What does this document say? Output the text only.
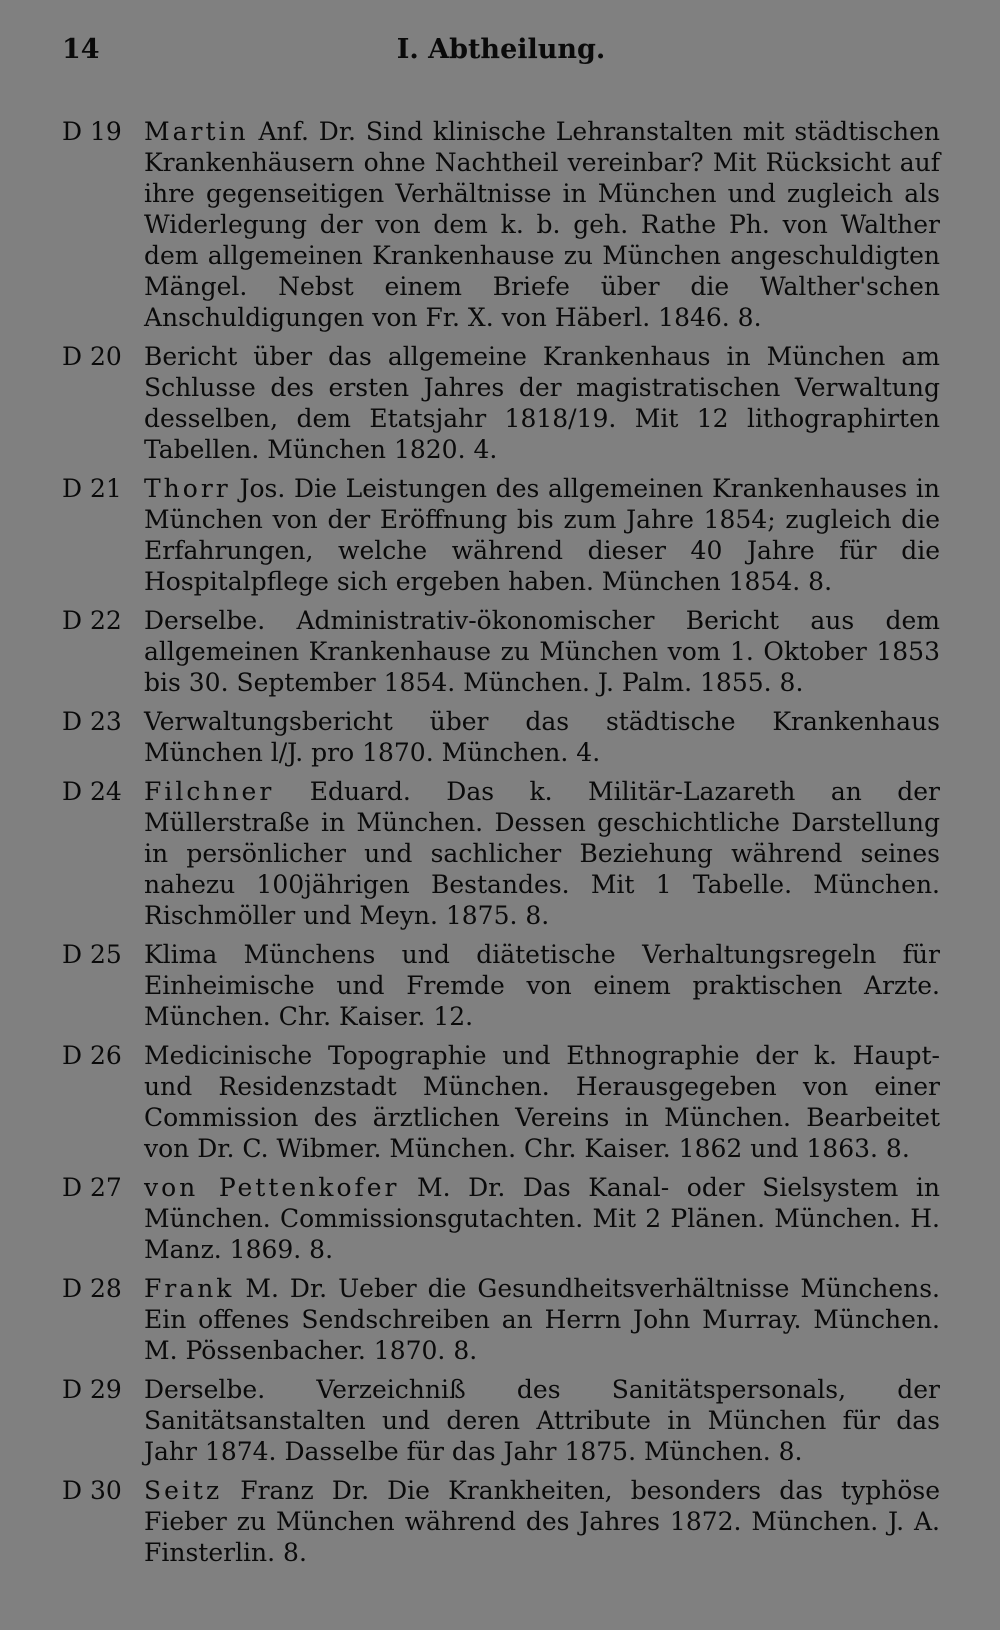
14	I. Abtheilung.
D 19 Martin Anf. Dr. Sind klinische Lehranstalten mit städtischen Krankenhäusern ohne Nachtheil vereinbar? Mit Rücksicht auf ihre gegenseitigen Verhältnisse in München und zugleich als Widerlegung der von dem k. b. geh. Rathe Ph. von Walther dem allgemeinen Krankenhause zu München angeschuldigten Mängel. Nebst einem Briefe über die Walther'schen Anschuldigungen von Fr. X. von Häberl. 1846. 8.
D 20 Bericht über das allgemeine Krankenhaus in München am Schlusse des ersten Jahres der magistratischen Verwaltung desselben, dem Etatsjahr 1818/19. Mit 12 lithographirten Tabellen. München 1820. 4.
D 21 Thorr Jos. Die Leistungen des allgemeinen Krankenhauses in München von der Eröffnung bis zum Jahre 1854; zugleich die Erfahrungen, welche während dieser 40 Jahre für die Hospitalpflege sich ergeben haben. München 1854. 8.
D 22 Derselbe. Administrativ-ökonomischer Bericht aus dem allgemeinen Krankenhause zu München vom 1. Oktober 1853 bis 30. September 1854. München. J. Palm. 1855. 8.
D 23 Verwaltungsbericht über das städtische Krankenhaus München l/J. pro 1870. München. 4.
D 24 Filchner Eduard. Das k. Militär-Lazareth an der Müllerstraße in München. Dessen geschichtliche Darstellung in persönlicher und sachlicher Beziehung während seines nahezu 100jährigen Bestandes. Mit 1 Tabelle. München. Rischmöller und Meyn. 1875. 8.
D 25 Klima Münchens und diätetische Verhaltungsregeln für Einheimische und Fremde von einem praktischen Arzte. München. Chr. Kaiser. 12.
D 26 Medicinische Topographie und Ethnographie der k. Haupt- und Residenzstadt München. Herausgegeben von einer Commission des ärztlichen Vereins in München. Bearbeitet von Dr. C. Wibmer. München. Chr. Kaiser. 1862 und 1863. 8.
D 27 von Pettenkofer M. Dr. Das Kanal- oder Sielsystem in München. Commissionsgutachten. Mit 2 Plänen. München. H. Manz. 1869. 8.
D 28 Frank M. Dr. Ueber die Gesundheitsverhältnisse Münchens. Ein offenes Sendschreiben an Herrn John Murray. München. M. Pössenbacher. 1870. 8.
D 29 Derselbe. Verzeichniß des Sanitätspersonals, der Sanitätsanstalten und deren Attribute in München für das Jahr 1874. Dasselbe für das Jahr 1875. München. 8.
D 30 Seitz Franz Dr. Die Krankheiten, besonders das typhöse Fieber zu München während des Jahres 1872. München. J. A. Finsterlin. 8.
